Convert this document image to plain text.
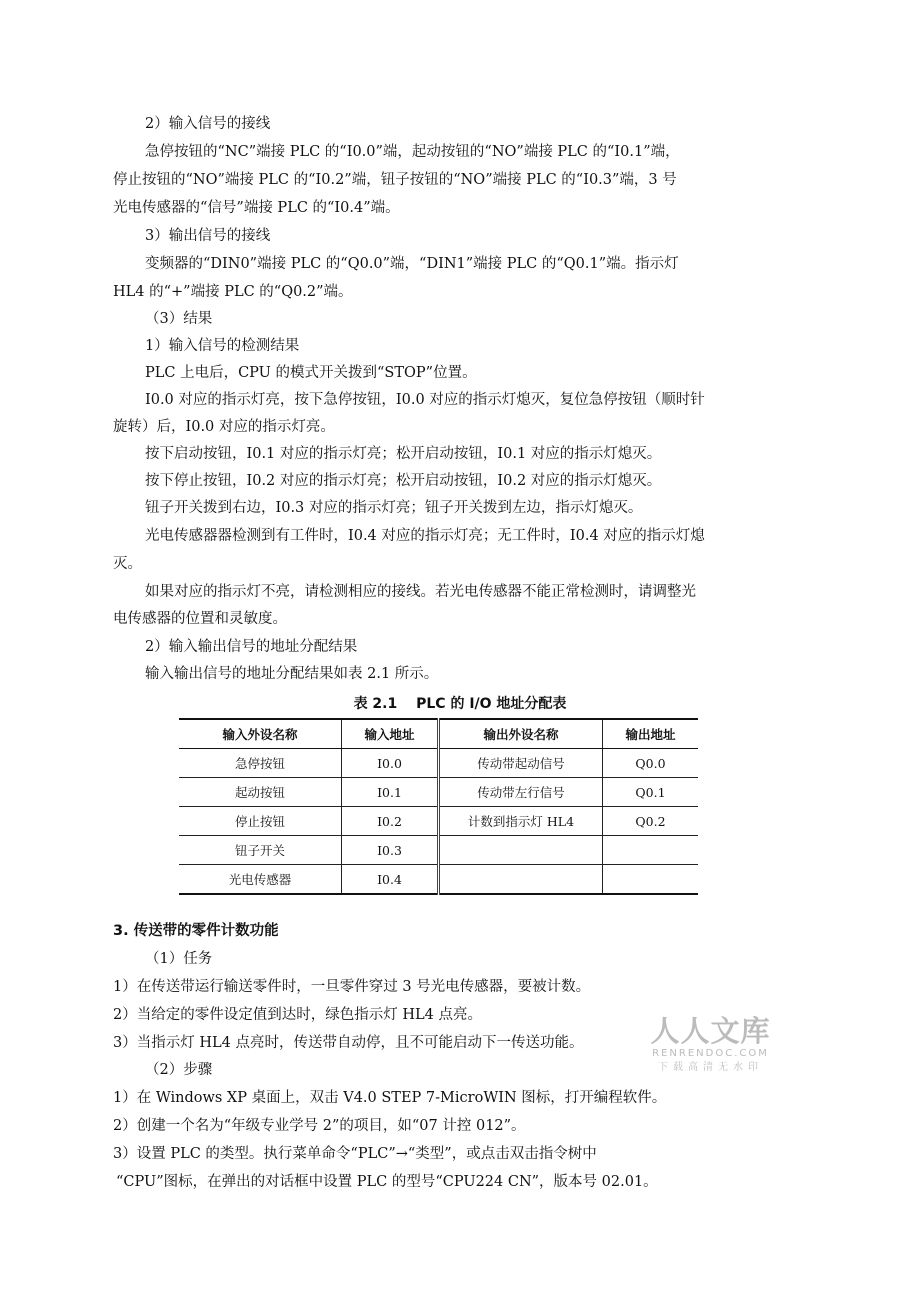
2）输入信号的接线
急停按钮的“NC”端接 PLC 的“I0.0”端，起动按钮的“NO”端接 PLC 的“I0.1”端，
停止按钮的“NO”端接 PLC 的“I0.2”端，钮子按钮的“NO”端接 PLC 的“I0.3”端，3 号
光电传感器的“信号”端接 PLC 的“I0.4”端。
3）输出信号的接线
变频器的“DIN0”端接 PLC 的“Q0.0”端，“DIN1”端接 PLC 的“Q0.1”端。指示灯
HL4 的“+”端接 PLC 的“Q0.2”端。
（3）结果
1）输入信号的检测结果
PLC 上电后，CPU 的模式开关拨到“STOP”位置。
I0.0 对应的指示灯亮，按下急停按钮，I0.0 对应的指示灯熄灭，复位急停按钮（顺时针
旋转）后，I0.0 对应的指示灯亮。
按下启动按钮，I0.1 对应的指示灯亮；松开启动按钮，I0.1 对应的指示灯熄灭。
按下停止按钮，I0.2 对应的指示灯亮；松开启动按钮，I0.2 对应的指示灯熄灭。
钮子开关拨到右边，I0.3 对应的指示灯亮；钮子开关拨到左边，指示灯熄灭。
光电传感器器检测到有工件时，I0.4 对应的指示灯亮；无工件时，I0.4 对应的指示灯熄
灭。
如果对应的指示灯不亮，请检测相应的接线。若光电传感器不能正常检测时，请调整光
电传感器的位置和灵敏度。
2）输入输出信号的地址分配结果
输入输出信号的地址分配结果如表 2.1 所示。
表 2.1　 PLC 的 I/O 地址分配表
输入外设名称	输入地址	输出外设名称	输出地址
急停按钮	I0.0	传动带起动信号	Q0.0
起动按钮	I0.1	传动带左行信号	Q0.1
停止按钮	I0.2	计数到指示灯 HL4	Q0.2
钮子开关	I0.3		
光电传感器	I0.4		
3. 传送带的零件计数功能
（1）任务
1）在传送带运行输送零件时，一旦零件穿过 3 号光电传感器，要被计数。
2）当给定的零件设定值到达时，绿色指示灯 HL4 点亮。
3）当指示灯 HL4 点亮时，传送带自动停，且不可能启动下一传送功能。
（2）步骤
1）在 Windows XP 桌面上，双击 V4.0 STEP 7-MicroWIN 图标，打开编程软件。
2）创建一个名为“年级专业学号 2”的项目，如“07 计控 012”。
3）设置 PLC 的类型。执行菜单命令“PLC”→“类型”，或点击双击指令树中
“CPU”图标，在弹出的对话框中设置 PLC 的型号“CPU224 CN”，版本号 02.01。
人人文库
RENRENDOC.COM
下载高清无水印
